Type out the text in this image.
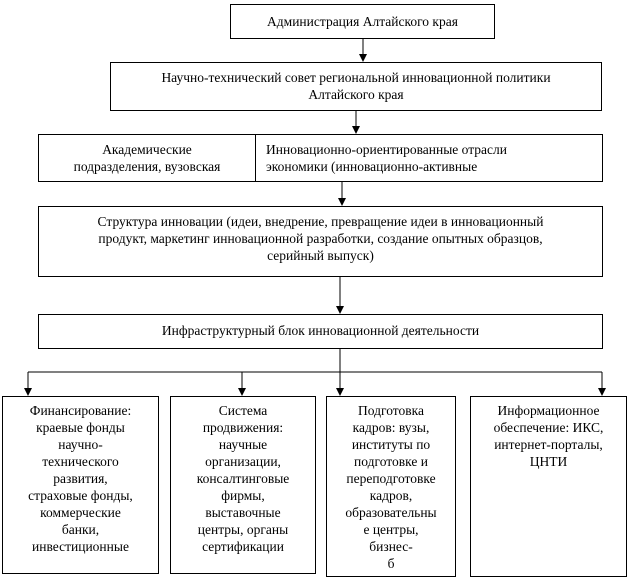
Администрация Алтайского края
Научно-технический совет региональной инновационной политики
Алтайского края
Академические
подразделения, вузовская
Инновационно-ориентированные отрасли
экономики (инновационно-активные
Структура инновации (идеи, внедрение, превращение идеи в инновационный
продукт, маркетинг инновационной разработки, создание опытных образцов,
серийный выпуск)
Инфраструктурный блок инновационной деятельности
Финансирование:
краевые фонды
научно-
технического
развития,
страховые фонды,
коммерческие
банки,
инвестиционные
Система
продвижения:
научные
организации,
консалтинговые
фирмы,
выставочные
центры, органы
сертификации
Подготовка
кадров: вузы,
институты по
подготовке и
переподготовке
кадров,
образовательны
е центры,
бизнес-
б
Информационное
обеспечение: ИКС,
интернет-порталы,
ЦНТИ
